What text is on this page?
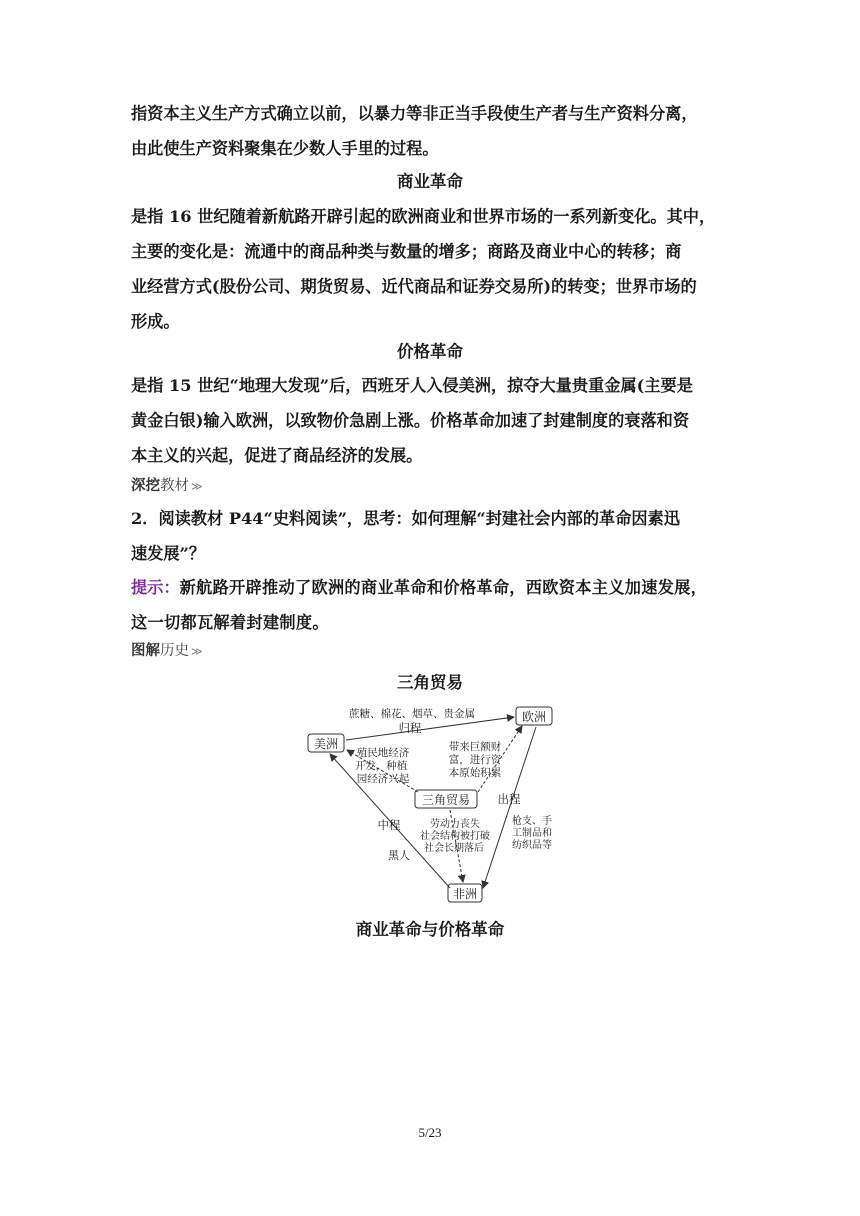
指资本主义生产方式确立以前，以暴力等非正当手段使生产者与生产资料分离，
由此使生产资料聚集在少数人手里的过程。

商业革命

是指 16 世纪随着新航路开辟引起的欧洲商业和世界市场的一系列新变化。其中，
主要的变化是：流通中的商品种类与数量的增多；商路及商业中心的转移；商
业经营方式(股份公司、期货贸易、近代商品和证券交易所)的转变；世界市场的
形成。

价格革命

是指 15 世纪“地理大发现”后，西班牙人入侵美洲，掠夺大量贵重金属(主要是
黄金白银)输入欧洲，以致物价急剧上涨。价格革命加速了封建制度的衰落和资
本主义的兴起，促进了商品经济的发展。

深挖教材 ≫

2．阅读教材 P44“史料阅读”，思考：如何理解“封建社会内部的革命因素迅
速发展”？

提示：新航路开辟推动了欧洲的商业革命和价格革命，西欧资本主义加速发展，
这一切都瓦解着封建制度。

图解历史 ≫

三角贸易

美洲
欧洲
非洲
三角贸易
蔗糖、棉花、烟草、贵金属
归程
殖民地经济
开发，种植
园经济兴起
带来巨额财
富，进行资
本原始积累
出程
枪支、手
工制品和
纺织品等
中程
黑人
劳动力丧失
社会结构被打破
社会长期落后

商业革命与价格革命

5/23
